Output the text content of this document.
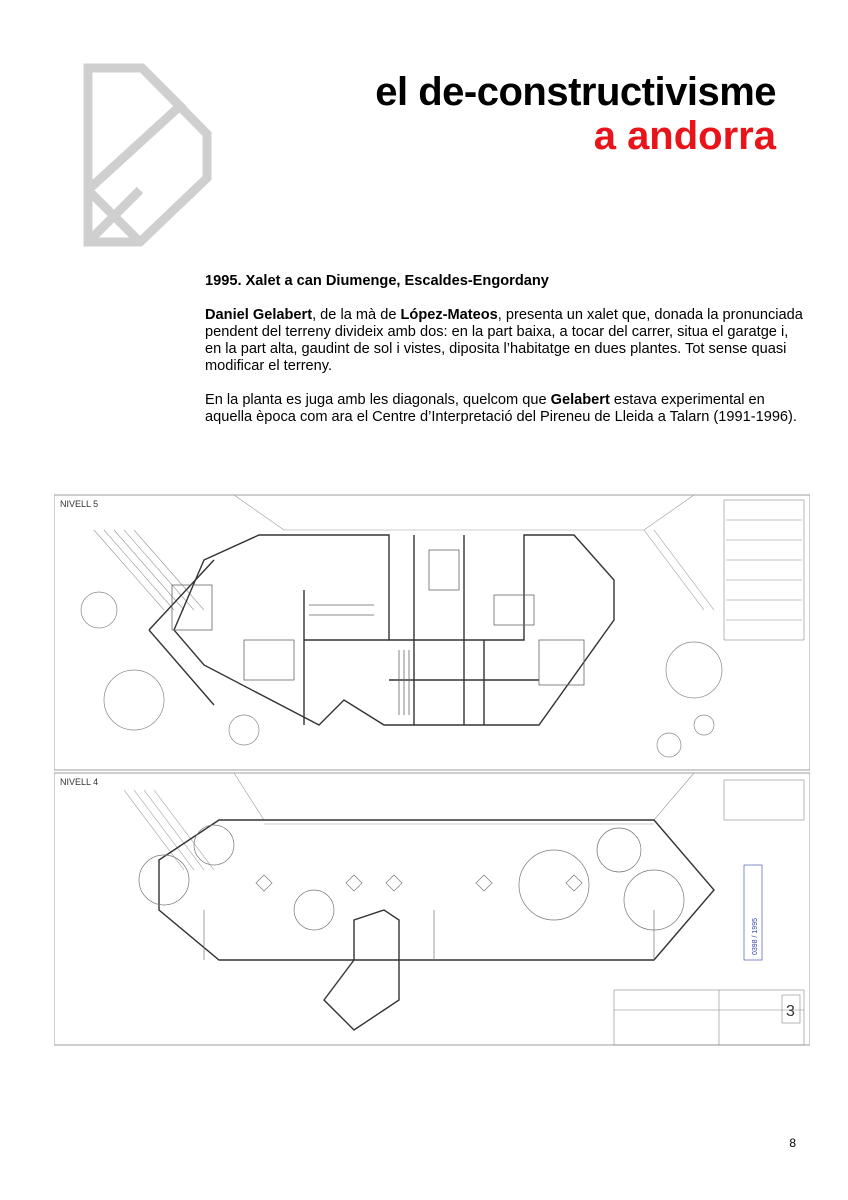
el de-constructivisme
a andorra
1995. Xalet a can Diumenge, Escaldes-Engordany

Daniel Gelabert, de la mà de López-Mateos, presenta un xalet que, donada la pronunciada pendent del terreny divideix amb dos: en la part baixa, a tocar del carrer, situa el garatge i, en la part alta, gaudint de sol i vistes, diposita l’habitatge en dues plantes. Tot sense quasi modificar el terreny.

En la planta es juga amb les diagonals, quelcom que Gelabert estava experimental en aquella època com ara el Centre d’Interpretació del Pireneu de Lleida a Talarn (1991-1996).

NIVELL 5
NIVELL 4
3
0398 / 1995
8
